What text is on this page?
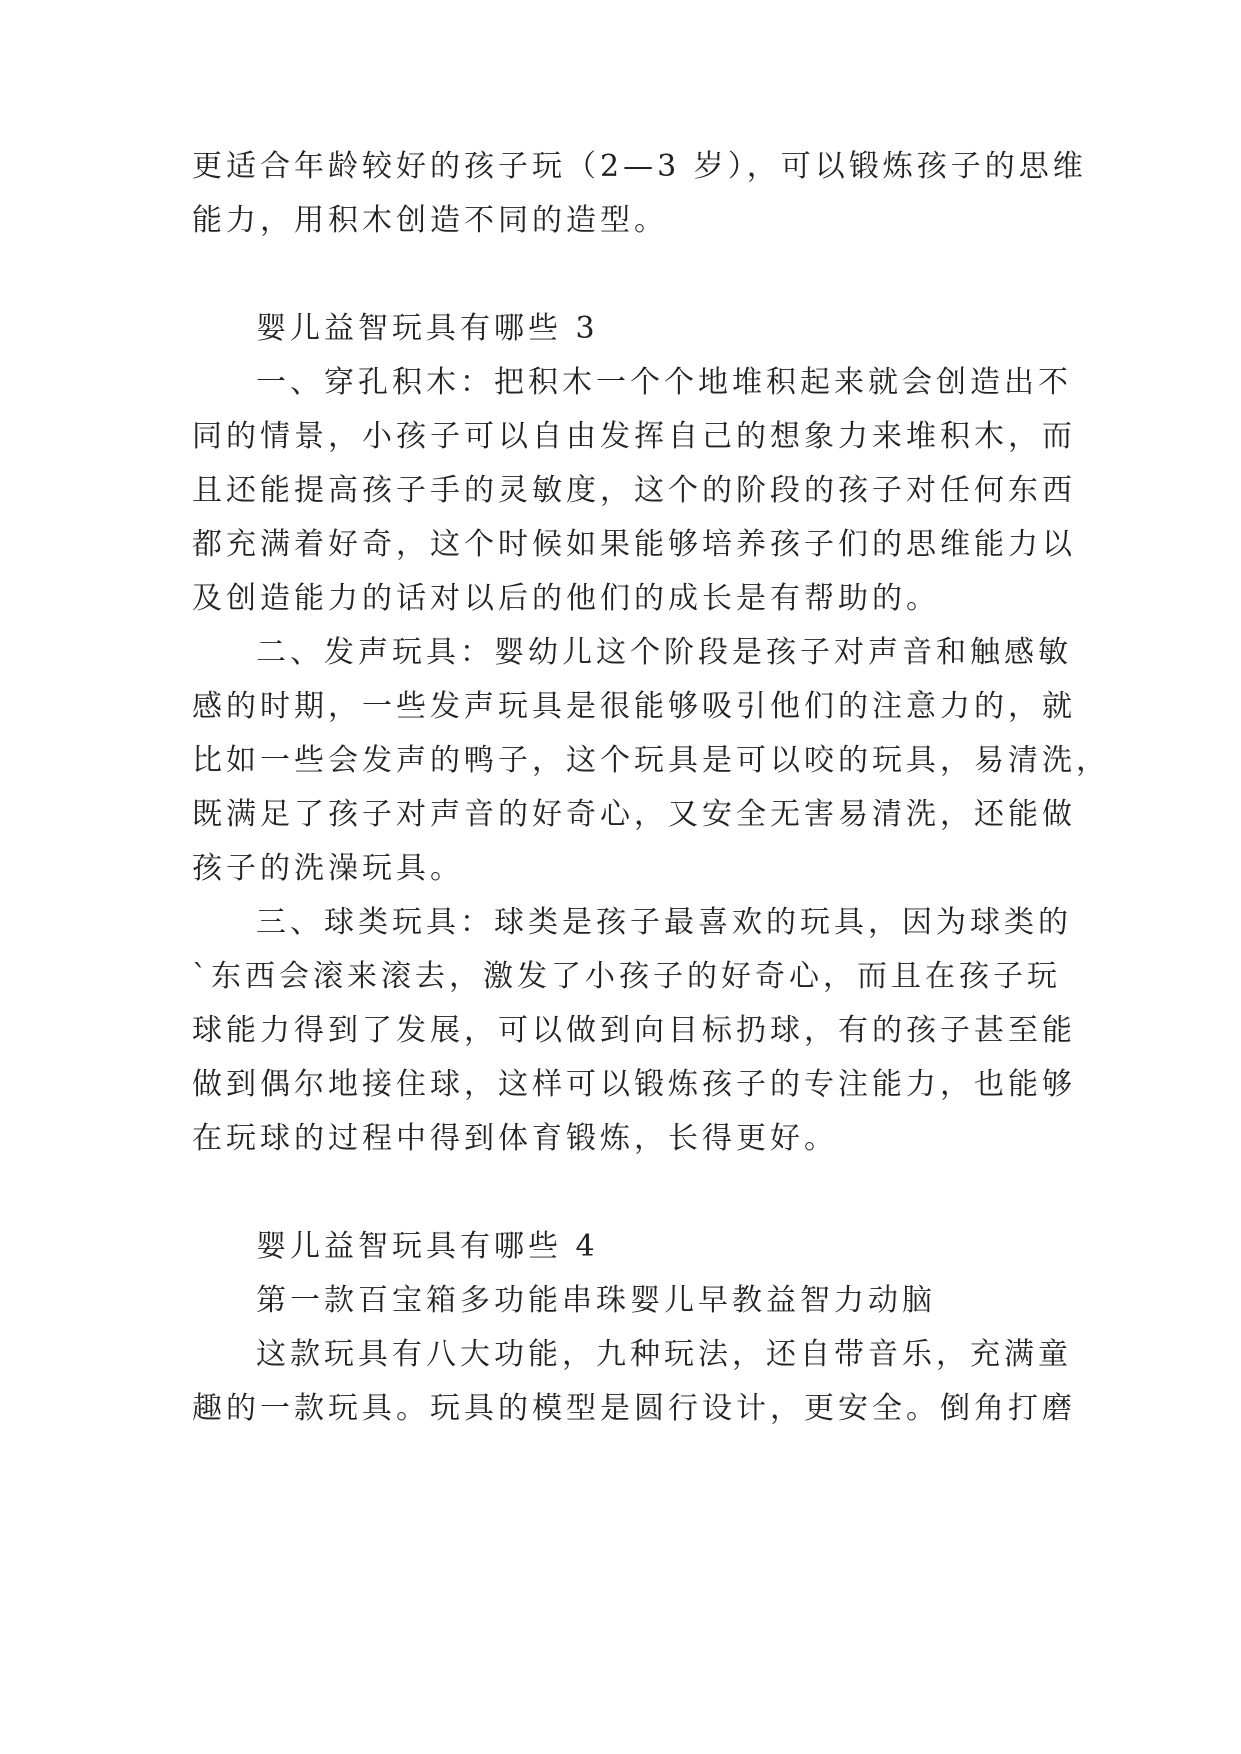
更适合年龄较好的孩子玩（2—3 岁），可以锻炼孩子的思维
能力，用积木创造不同的造型。
婴儿益智玩具有哪些 3
一、穿孔积木：把积木一个个地堆积起来就会创造出不
同的情景，小孩子可以自由发挥自己的想象力来堆积木，而
且还能提高孩子手的灵敏度，这个的阶段的孩子对任何东西
都充满着好奇，这个时候如果能够培养孩子们的思维能力以
及创造能力的话对以后的他们的成长是有帮助的。
二、发声玩具：婴幼儿这个阶段是孩子对声音和触感敏
感的时期，一些发声玩具是很能够吸引他们的注意力的，就
比如一些会发声的鸭子，这个玩具是可以咬的玩具，易清洗，
既满足了孩子对声音的好奇心，又安全无害易清洗，还能做
孩子的洗澡玩具。
三、球类玩具：球类是孩子最喜欢的玩具，因为球类的
`东西会滚来滚去，激发了小孩子的好奇心，而且在孩子玩
球能力得到了发展，可以做到向目标扔球，有的孩子甚至能
做到偶尔地接住球，这样可以锻炼孩子的专注能力，也能够
在玩球的过程中得到体育锻炼，长得更好。
婴儿益智玩具有哪些 4
第一款百宝箱多功能串珠婴儿早教益智力动脑
这款玩具有八大功能，九种玩法，还自带音乐，充满童
趣的一款玩具。玩具的模型是圆行设计，更安全。倒角打磨
